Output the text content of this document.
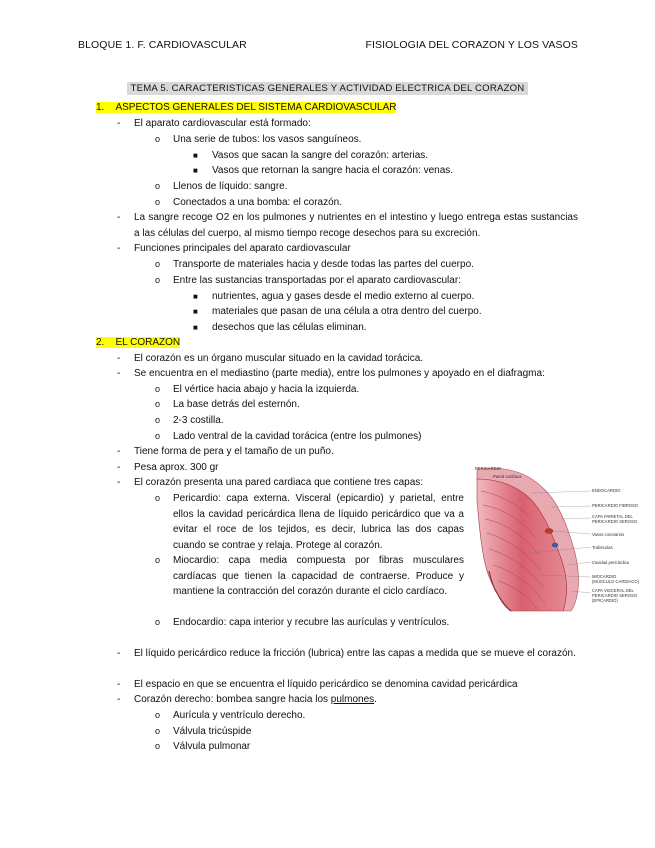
BLOQUE 1. F. CARDIOVASCULAR	FISIOLOGIA DEL CORAZON Y LOS VASOS
TEMA 5. CARACTERISTICAS GENERALES Y ACTIVIDAD ELECTRICA DEL CORAZON
1. ASPECTOS GENERALES DEL SISTEMA CARDIOVASCULAR
- El aparato cardiovascular está formado:
o Una serie de tubos: los vasos sanguíneos.
■ Vasos que sacan la sangre del corazón: arterias.
■ Vasos que retornan la sangre hacia el corazón: venas.
o Llenos de líquido: sangre.
o Conectados a una bomba: el corazón.
- La sangre recoge O2 en los pulmones y nutrientes en el intestino y luego entrega estas sustancias a las células del cuerpo, al mismo tiempo recoge desechos para su excreción.
- Funciones principales del aparato cardiovascular
o Transporte de materiales hacia y desde todas las partes del cuerpo.
o Entre las sustancias transportadas por el aparato cardiovascular:
■ nutrientes, agua y gases desde el medio externo al cuerpo.
■ materiales que pasan de una célula a otra dentro del cuerpo.
■ desechos que las células eliminan.
2. EL CORAZON
- El corazón es un órgano muscular situado en la cavidad torácica.
- Se encuentra en el mediastino (parte media), entre los pulmones y apoyado en el diafragma:
o El vértice hacia abajo y hacia la izquierda.
o La base detrás del esternón.
o 2-3 costilla.
o Lado ventral de la cavidad torácica (entre los pulmones)
- Tiene forma de pera y el tamaño de un puño.
- Pesa aprox. 300 gr
- El corazón presenta una pared cardiaca que contiene tres capas:
o Pericardio: capa externa. Visceral (epicardio) y parietal, entre ellos la cavidad pericárdica llena de líquido pericárdico que va a evitar el roce de los tejidos, es decir, lubrica las dos capas cuando se contrae y relaja. Protege al corazón.
o Miocardio: capa media compuesta por fibras musculares cardíacas que tienen la capacidad de contraerse. Produce y mantiene la contracción del corazón durante el ciclo cardíaco.
o Endocardio: capa interior y recubre las aurículas y ventrículos.
- El líquido pericárdico reduce la fricción (lubrica) entre las capas a medida que se mueve el corazón.
- El espacio en que se encuentra el líquido pericárdico se denomina cavidad pericárdica
- Corazón derecho: bombea sangre hacia los pulmones.
o Aurícula y ventrículo derecho.
o Válvula tricúspide
o Válvula pulmonar
PERICARDIO
Pared cardíaca
ENDOCARDIO
PERICARDIO FIBROSO
CAPA PARIETAL DEL
PERICARDIO SEROSO
Vasos coronarios
Trabéculas
Cavidad pericárdica
MIOCARDIO
(MÚSCULO CARDÍACO)
CAPA VISCERAL DEL
PERICARDIO SEROSO
(EPICARDIO)
